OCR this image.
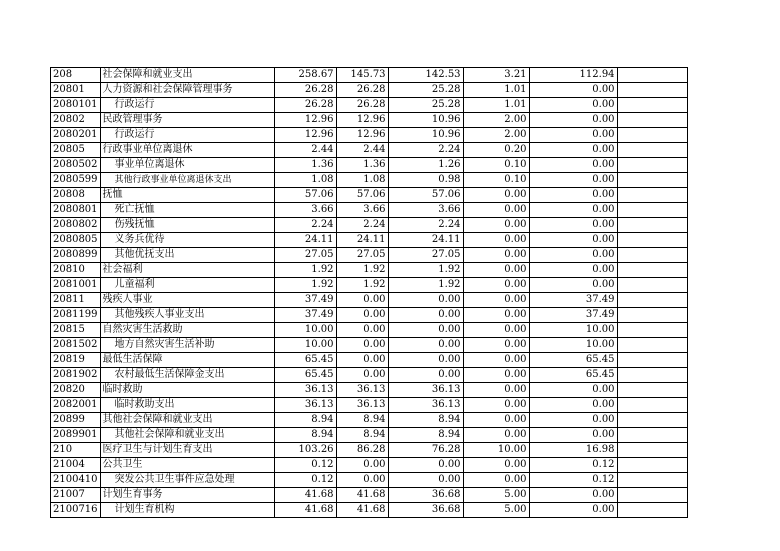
208	社会保障和就业支出	258.67	145.73	142.53	3.21	112.94	
20801	人力资源和社会保障管理事务	26.28	26.28	25.28	1.01	0.00	
2080101	行政运行	26.28	26.28	25.28	1.01	0.00	
20802	民政管理事务	12.96	12.96	10.96	2.00	0.00	
2080201	行政运行	12.96	12.96	10.96	2.00	0.00	
20805	行政事业单位离退休	2.44	2.44	2.24	0.20	0.00	
2080502	事业单位离退休	1.36	1.36	1.26	0.10	0.00	
2080599	其他行政事业单位离退休支出	1.08	1.08	0.98	0.10	0.00	
20808	抚恤	57.06	57.06	57.06	0.00	0.00	
2080801	死亡抚恤	3.66	3.66	3.66	0.00	0.00	
2080802	伤残抚恤	2.24	2.24	2.24	0.00	0.00	
2080805	义务兵优待	24.11	24.11	24.11	0.00	0.00	
2080899	其他优抚支出	27.05	27.05	27.05	0.00	0.00	
20810	社会福利	1.92	1.92	1.92	0.00	0.00	
2081001	儿童福利	1.92	1.92	1.92	0.00	0.00	
20811	残疾人事业	37.49	0.00	0.00	0.00	37.49	
2081199	其他残疾人事业支出	37.49	0.00	0.00	0.00	37.49	
20815	自然灾害生活救助	10.00	0.00	0.00	0.00	10.00	
2081502	地方自然灾害生活补助	10.00	0.00	0.00	0.00	10.00	
20819	最低生活保障	65.45	0.00	0.00	0.00	65.45	
2081902	农村最低生活保障金支出	65.45	0.00	0.00	0.00	65.45	
20820	临时救助	36.13	36.13	36.13	0.00	0.00	
2082001	临时救助支出	36.13	36.13	36.13	0.00	0.00	
20899	其他社会保障和就业支出	8.94	8.94	8.94	0.00	0.00	
2089901	其他社会保障和就业支出	8.94	8.94	8.94	0.00	0.00	
210	医疗卫生与计划生育支出	103.26	86.28	76.28	10.00	16.98	
21004	公共卫生	0.12	0.00	0.00	0.00	0.12	
2100410	突发公共卫生事件应急处理	0.12	0.00	0.00	0.00	0.12	
21007	计划生育事务	41.68	41.68	36.68	5.00	0.00	
2100716	计划生育机构	41.68	41.68	36.68	5.00	0.00	
